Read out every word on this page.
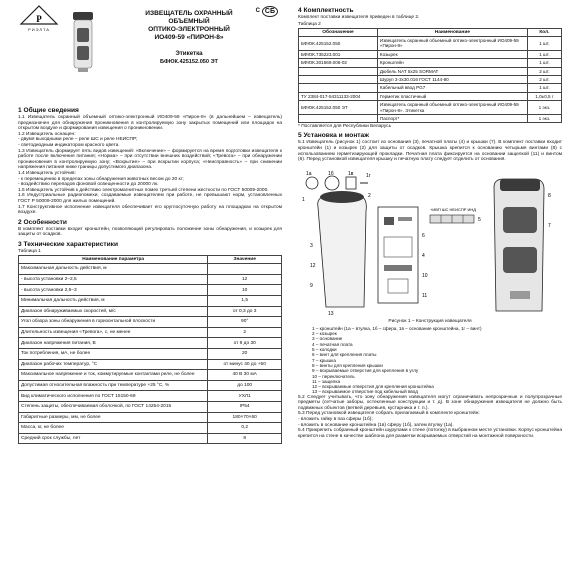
Р
РИЭЛТА
С СБ
ИЗВЕЩАТЕЛЬ ОХРАННЫЙ
ОБЪЕМНЫЙ
ОПТИКО-ЭЛЕКТРОННЫЙ
ИО409-59 «ПИРОН-8»
Этикетка
БФЮК.425152.050 ЭТ
1 Общие сведения

1.1 Извещатель охранный объемный оптико-электронный ИО409-59 «Пирон-8» (в дальнейшем – извещатель) предназначен для обнаружения проникновения в контролируемую зону закрытых помещений или площадок на открытом воздухе и формирования извещения о проникновении.

1.2 Извещатель оснащен:

- двумя выходными реле – реле ШС и реле НЕИСПР;

- светодиодным индикатором красного цвета.

1.3 Извещатель формирует пять видов извещений: «Включение» – формируется на время подготовки извещателя к работе после включения питания; «Норма» – при отсутствии внешних воздействий; «Тревога» – при обнаружении проникновения в контролируемую зону; «Вскрытие» – при вскрытии корпуса; «Неисправность» – при снижении напряжения питания ниже границы допустимого диапазона.

1.4 Извещатель устойчив:

- к перемещению в пределах зоны обнаружения животных весом до 20 кг;

- воздействию перепадов фоновой освещенности до 20000 лк.

1.5 Извещатель устойчив к действию электромагнитных помех третьей степени жесткости по ГОСТ 50009-2000.

1.6 Индустриальные радиопомехи, создаваемые извещателем при работе, не превышают норм, установленных ГОСТ Р 50009-2000 для жилых помещений.

1.7 Конструктивное исполнение извещателя обеспечивает его круглосуточную работу на площадках на открытом воздухе.

2 Особенности

В комплект поставки входит кронштейн, позволяющий регулировать положение зоны обнаружения, и козырек для защиты от осадков.

3 Технические характеристики
Таблица 1
Наименование параметра	Значение
Максимальная дальность действия, м	
- высота установки 2–2,5	12
- высота установки 2,5–3	10
Минимальная дальность действия, м	1,5
Диапазон обнаруживаемых скоростей, м/с	от 0,3 до 3
Угол обзора зоны обнаружения в горизонтальной плоскости	90°
Длительность извещения «Тревога», с, не менее	2
Диапазон напряжения питания, В	от 9 до 30
Ток потребления, мА, не более	20
Диапазон рабочих температур, °С	от минус 40 до +50
Максимальное напряжение и ток, коммутируемые контактами реле, не более	40 В 30 мА
Допустимая относительная влажность при температуре +25 °С, %	до 100
Вид климатического исполнения по ГОСТ 15150-69	УХЛ1
Степень защиты, обеспечиваемая оболочкой, по ГОСТ 14254-2015	IP54
Габаритные размеры, мм, не более	180×70×60
Масса, кг, не более	0,2
Средний срок службы, лет	8
4 Комплектность

Комплект поставки извещателя приведен в таблице 2.

Таблица 2
Обозначение	Наименование	Кол.
БФЮК.425152.050	Извещатель охранный объемный оптико-электронный ИО409-59 «Пирон-8»	1 шт.
БФЮК.735223.001	Козырек	1 шт.
БФЮК.301569.006-02	Кронштейн	1 шт.
	Дюбель NAT 5х25 SORMAT	2 шт.
	Шуруп 3-3х30.016 ГОСТ 1144-80	2 шт.
	Кабельный ввод PG7	1 шт.
ТУ 2384-017-54311133-2004	Герметик пластичный	1,0±0,5 г
БФЮК.425152.050 ЭТ	Извещатель охранный объемный оптико-электронный ИО409-59 «Пирон-8». Этикетка	1 экз.
	Паспорт*	1 экз.
* Поставляется для Республики Беларусь
5 Установка и монтаж

5.1 Извещатель (рисунок 1) состоит из основания (3), печатной платы (4) и крышки (7). В комплект поставки входит кронштейн (1) и козырек (2) для защиты от осадков. Крышка крепится к основанию четырьмя винтами (8) с использованием герметизирующей прокладки. Печатная плата фиксируется на основании защелкой (11) и винтом (6). Перед установкой извещателя крышку и печатную плату следует отделить от основания.

1а	1б	1в	1г
1
2
3
4
5
6
7
8
9
10
11
12
13
+ИВП ШС НЕИСПР ИНД
Рисунок 1 – Конструкция извещателя
1 – кронштейн (1а – втулка, 1б – сфера, 1в – основание кронштейна, 1г – винт)
2 – козырек
3 – основание
4 – печатная плата
5 – колодки
6 – винт для крепления платы
7 – крышка
8 – винты для крепления крышки
9 – вскрываемые отверстия для крепления в углу
10 – переключатель
11 – защелка
12 – вскрываемые отверстия для крепления кронштейна
13 – вскрываемое отверстие под кабельный ввод

5.2 Следует учитывать, что зону обнаружения извещателя могут ограничивать непрозрачные и полупрозрачные предметы (сетчатые заборы, остекленные конструкции и т. д). В зоне обнаружения извещателя не должно быть подвижных объектов (ветвей деревьев, кустарника и т. п.).

5.3 Перед установкой извещателя собрать прилагаемый в комплекте кронштейн:

- вложить гайку в паз сферы (1б);

- вложить в основание кронштейна (1в) сферу (1б), затем втулку (1а).

5.4 Прикрепить собранный кронштейн шурупами к стене (потолку) в выбранном месте установки. Корпус кронштейна крепится на стене в качестве шаблона для разметки вскрываемых отверстий на монтажной поверхности.
